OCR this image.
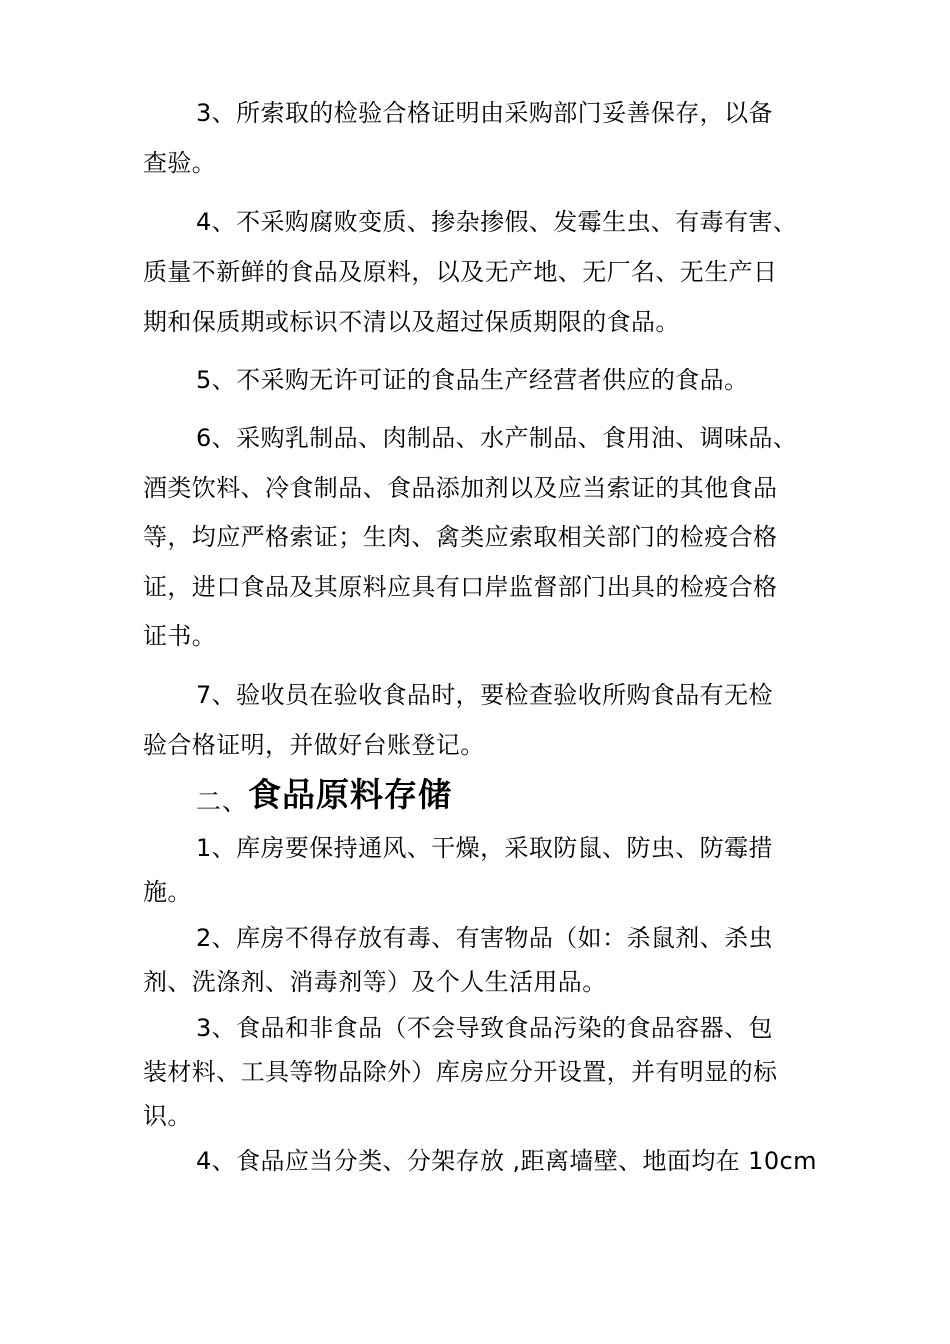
3、所索取的检验合格证明由采购部门妥善保存，以备
查验。
4、不采购腐败变质、掺杂掺假、发霉生虫、有毒有害、
质量不新鲜的食品及原料，以及无产地、无厂名、无生产日
期和保质期或标识不清以及超过保质期限的食品。
5、不采购无许可证的食品生产经营者供应的食品。
6、采购乳制品、肉制品、水产制品、食用油、调味品、
酒类饮料、冷食制品、食品添加剂以及应当索证的其他食品
等，均应严格索证；生肉、禽类应索取相关部门的检疫合格
证，进口食品及其原料应具有口岸监督部门出具的检疫合格
证书。
7、验收员在验收食品时，要检查验收所购食品有无检
验合格证明，并做好台账登记。
二、食品原料存储
1、库房要保持通风、干燥，采取防鼠、防虫、防霉措
施。
2、库房不得存放有毒、有害物品（如：杀鼠剂、杀虫
剂、洗涤剂、消毒剂等）及个人生活用品。
3、食品和非食品（不会导致食品污染的食品容器、包
装材料、工具等物品除外）库房应分开设置，并有明显的标
识。
4、食品应当分类、分架存放 ,距离墙壁、地面均在 10cm
